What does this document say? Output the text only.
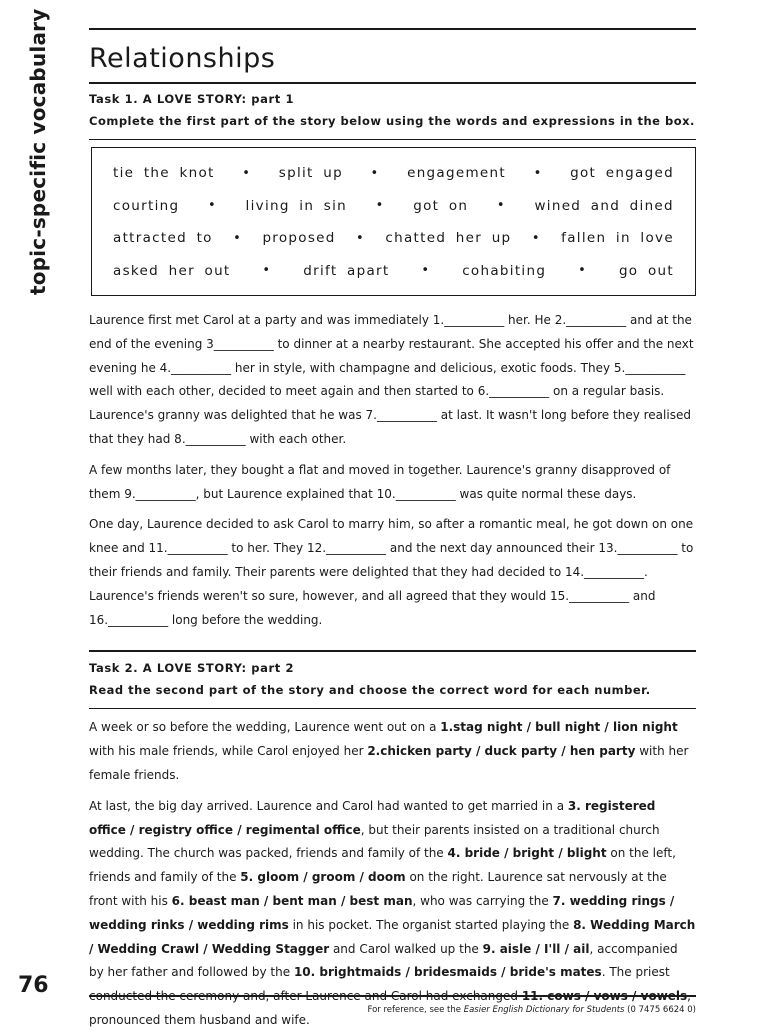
topic-specific vocabulary
76
Relationships
Task 1. A LOVE STORY: part 1
Complete the first part of the story below using the words and expressions in the box.
tie the knot • split up • engagement • got engaged
courting • living in sin • got on • wined and dined
attracted to • proposed • chatted her up • fallen in love
asked her out • drift apart • cohabiting • go out

Laurence first met Carol at a party and was immediately 1.__________ her. He 2.__________ and at the end of the evening 3__________ to dinner at a nearby restaurant. She accepted his offer and the next evening he 4.__________ her in style, with champagne and delicious, exotic foods. They 5.__________ well with each other, decided to meet again and then started to 6.__________ on a regular basis. Laurence's granny was delighted that he was 7.__________ at last. It wasn't long before they realised that they had 8.__________ with each other.

A few months later, they bought a flat and moved in together. Laurence's granny disapproved of them 9.__________, but Laurence explained that 10.__________ was quite normal these days.

One day, Laurence decided to ask Carol to marry him, so after a romantic meal, he got down on one knee and 11.__________ to her. They 12.__________ and the next day announced their 13.__________ to their friends and family. Their parents were delighted that they had decided to 14.__________. Laurence's friends weren't so sure, however, and all agreed that they would 15.__________ and 16.__________ long before the wedding.

Task 2. A LOVE STORY: part 2
Read the second part of the story and choose the correct word for each number.

A week or so before the wedding, Laurence went out on a 1.stag night / bull night / lion night with his male friends, while Carol enjoyed her 2.chicken party / duck party / hen party with her female friends.

At last, the big day arrived. Laurence and Carol had wanted to get married in a 3. registered office / registry office / regimental office, but their parents insisted on a traditional church wedding. The church was packed, friends and family of the 4. bride / bright / blight on the left, friends and family of the 5. gloom / groom / doom on the right. Laurence sat nervously at the front with his 6. beast man / bent man / best man, who was carrying the 7. wedding rings / wedding rinks / wedding rims in his pocket. The organist started playing the 8. Wedding March / Wedding Crawl / Wedding Stagger and Carol walked up the 9. aisle / I'll / ail, accompanied by her father and followed by the 10. brightmaids / bridesmaids / bride's mates. The priest conducted the ceremony and, after Laurence and Carol had exchanged 11. cows / vows / vowels, pronounced them husband and wife.

For reference, see the Easier English Dictionary for Students (0 7475 6624 0)
